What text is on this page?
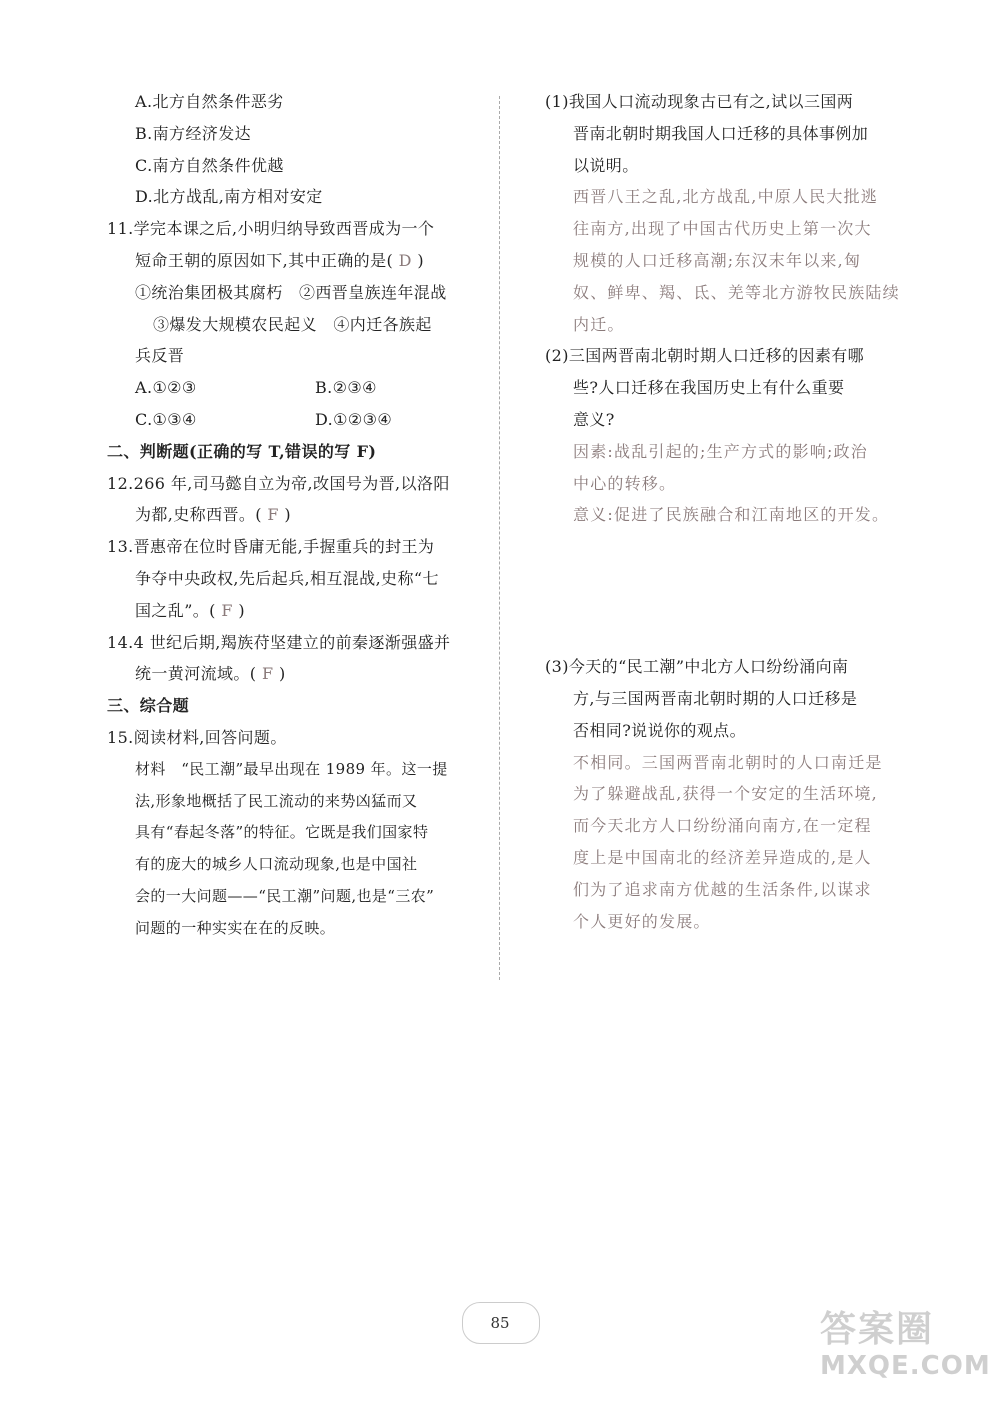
A.北方自然条件恶劣
B.南方经济发达
C.南方自然条件优越
D.北方战乱,南方相对安定
11.学完本课之后,小明归纳导致西晋成为一个
短命王朝的原因如下,其中正确的是( D )
①统治集团极其腐朽　②西晋皇族连年混战
③爆发大规模农民起义　④内迁各族起
兵反晋
A.①②③	B.②③④
C.①③④	D.①②③④
二、判断题(正确的写 T,错误的写 F)
12.266 年,司马懿自立为帝,改国号为晋,以洛阳
为都,史称西晋。( F )
13.晋惠帝在位时昏庸无能,手握重兵的封王为
争夺中央政权,先后起兵,相互混战,史称“七
国之乱”。( F )
14.4 世纪后期,羯族苻坚建立的前秦逐渐强盛并
统一黄河流域。( F )
三、综合题
15.阅读材料,回答问题。
材料　“民工潮”最早出现在 1989 年。这一提
法,形象地概括了民工流动的来势凶猛而又
具有“春起冬落”的特征。它既是我们国家特
有的庞大的城乡人口流动现象,也是中国社
会的一大问题——“民工潮”问题,也是“三农”
问题的一种实实在在的反映。
(1)我国人口流动现象古已有之,试以三国两
晋南北朝时期我国人口迁移的具体事例加
以说明。
西晋八王之乱,北方战乱,中原人民大批逃
往南方,出现了中国古代历史上第一次大
规模的人口迁移高潮;东汉末年以来,匈
奴、鲜卑、羯、氐、羌等北方游牧民族陆续
内迁。
(2)三国两晋南北朝时期人口迁移的因素有哪
些?人口迁移在我国历史上有什么重要
意义?
因素:战乱引起的;生产方式的影响;政治
中心的转移。
意义:促进了民族融合和江南地区的开发。
(3)今天的“民工潮”中北方人口纷纷涌向南
方,与三国两晋南北朝时期的人口迁移是
否相同?说说你的观点。
不相同。三国两晋南北朝时的人口南迁是
为了躲避战乱,获得一个安定的生活环境,
而今天北方人口纷纷涌向南方,在一定程
度上是中国南北的经济差异造成的,是人
们为了追求南方优越的生活条件,以谋求
个人更好的发展。
85	答案圈
MXQE.COM
